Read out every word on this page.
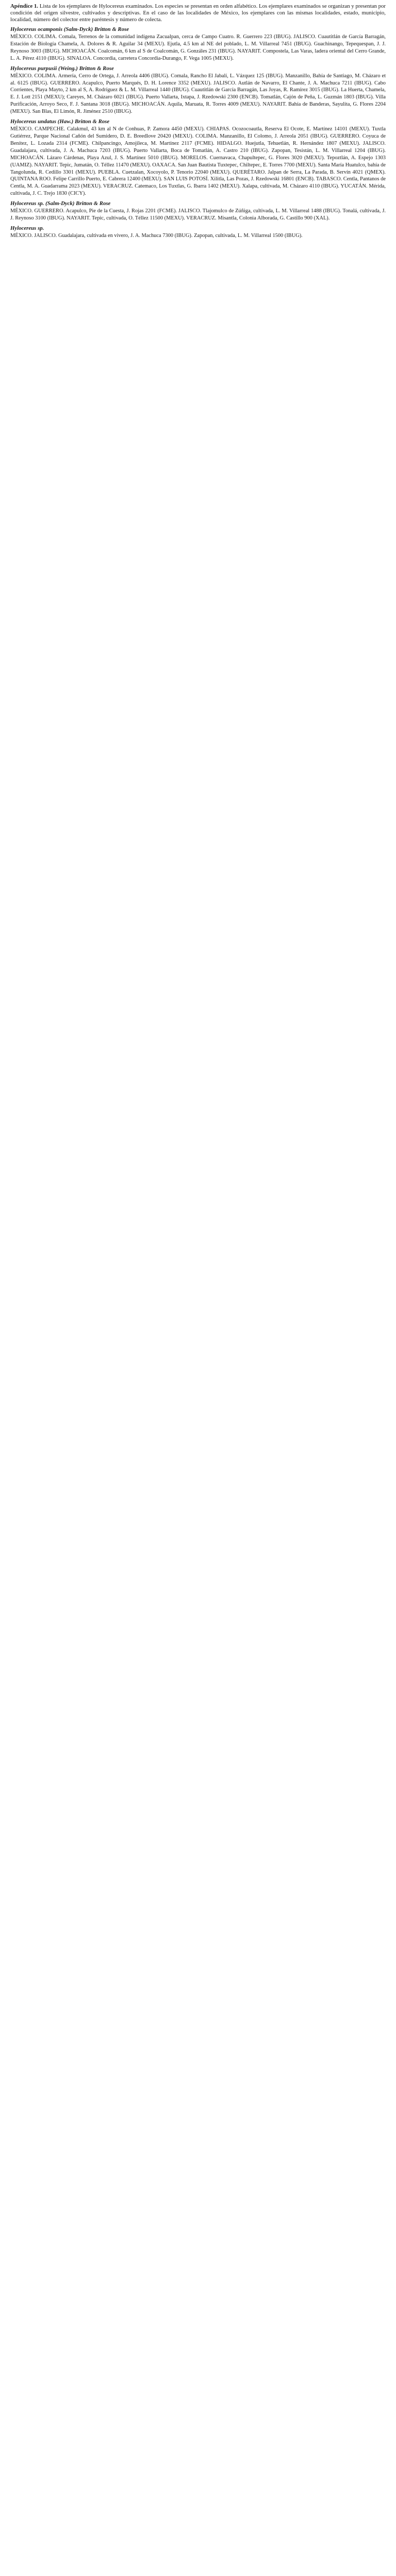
Apéndice 1. Lista de los ejemplares de Hylocereus examinados. Los especies se presentan en orden alfabético. Los ejemplares examinados se organizan y presentan por condición del origen silvestre, cultivados y descriptivas. En el caso de las localidades de México, los ejemplares con las mismas localidades, estado, municipio, localidad, número del colector entre paréntesis y número de colecta.

Hylocereus ocamponis (Salm-Dyck) Britton & Rose

MÉXICO. COLIMA. Comala, Terrenos de la comunidad indígena Zacualpan, cerca de Campo Cuatro. R. Guerrero 223 (IBUG). JALISCO. Cuautitlán de García Barragán, Estación de Biología Chamela, A. Dolores & R. Aguilar 34 (MEXU). Ejutla, 4.5 km al NE del poblado, L. M. Villarreal 7451 (IBUG). Guachinango, Tepequespan, J. J. Reynoso 3003 (IBUG). MICHOACÁN. Coalcomán, 6 km al S de Coalcomán, G. Gonzáles 231 (IBUG). NAYARIT. Compostela, Las Varas, ladera oriental del Cerro Grande, L. A. Pérez 4110 (IBUG). SINALOA. Concordia, carretera Concordia-Durango, F. Vega 1005 (MEXU).

Hylocereus purpusii (Weing.) Britton & Rose

MÉXICO. COLIMA. Armería, Cerro de Ortega, J. Arreola 4406 (IBUG). Comala, Rancho El Jabalí, L. Vázquez 125 (IBUG). Manzanillo, Bahía de Santiago, M. Cházaro et al. 6125 (IBUG). GUERRERO. Acapulco, Puerto Marqués, D. H. Lorence 3352 (MEXU). JALISCO. Autlán de Navarro, El Chante, J. A. Machuca 7211 (IBUG). Cabo Corrientes, Playa Mayto, 2 km al S, A. Rodríguez & L. M. Villarreal 1440 (IBUG). Cuautitlán de García Barragán, Las Joyas, R. Ramírez 3015 (IBUG). La Huerta, Chamela, E. J. Lott 2151 (MEXU); Careyes, M. Cházaro 6021 (IBUG). Puerto Vallarta, Ixtapa, J. Rzedowski 2300 (ENCB). Tomatlán, Cajón de Peña, L. Guzmán 1803 (IBUG). Villa Purificación, Arroyo Seco, F. J. Santana 3018 (IBUG). MICHOACÁN. Aquila, Maruata, R. Torres 4009 (MEXU). NAYARIT. Bahía de Banderas, Sayulita, G. Flores 2204 (MEXU). San Blas, El Limón, R. Jiménez 2510 (IBUG).

Hylocereus undatus (Haw.) Britton & Rose

MÉXICO. CAMPECHE. Calakmul, 43 km al N de Conhuas, P. Zamora 4450 (MEXU). CHIAPAS. Ocozocoautla, Reserva El Ocote, E. Martínez 14101 (MEXU). Tuxtla Gutiérrez, Parque Nacional Cañón del Sumidero, D. E. Breedlove 20420 (MEXU). COLIMA. Manzanillo, El Colomo, J. Arreola 2051 (IBUG). GUERRERO. Coyuca de Benítez, L. Lozada 2314 (FCME). Chilpancingo, Amojileca, M. Martínez 2117 (FCME). HIDALGO. Huejutla, Tehuetlán, R. Hernández 1807 (MEXU). JALISCO. Guadalajara, cultivada, J. A. Machuca 7203 (IBUG). Puerto Vallarta, Boca de Tomatlán, A. Castro 210 (IBUG). Zapopan, Tesistán, L. M. Villarreal 1204 (IBUG). MICHOACÁN. Lázaro Cárdenas, Playa Azul, J. S. Martínez 5010 (IBUG). MORELOS. Cuernavaca, Chapultepec, G. Flores 3020 (MEXU). Tepoztlán, A. Espejo 1303 (UAMIZ). NAYARIT. Tepic, Jumatán, O. Téllez 11470 (MEXU). OAXACA. San Juan Bautista Tuxtepec, Chiltepec, E. Torres 7700 (MEXU). Santa María Huatulco, bahía de Tangolunda, R. Cedillo 3301 (MEXU). PUEBLA. Cuetzalan, Xocoyolo, P. Tenorio 22040 (MEXU). QUERÉTARO. Jalpan de Serra, La Parada, B. Servín 4021 (QMEX). QUINTANA ROO. Felipe Carrillo Puerto, E. Cabrera 12400 (MEXU). SAN LUIS POTOSÍ. Xilitla, Las Pozas, J. Rzedowski 16801 (ENCB). TABASCO. Centla, Pantanos de Centla, M. A. Guadarrama 2023 (MEXU). VERACRUZ. Catemaco, Los Tuxtlas, G. Ibarra 1402 (MEXU). Xalapa, cultivada, M. Cházaro 4110 (IBUG). YUCATÁN. Mérida, cultivada, J. C. Trejo 1830 (CICY).

Hylocereus sp. (Salm-Dyck) Britton & Rose

MÉXICO. GUERRERO. Acapulco, Pie de la Cuesta, J. Rojas 2201 (FCME). JALISCO. Tlajomulco de Zúñiga, cultivada, L. M. Villarreal 1488 (IBUG). Tonalá, cultivada, J. J. Reynoso 3100 (IBUG). NAYARIT. Tepic, cultivada, O. Téllez 11500 (MEXU). VERACRUZ. Misantla, Colonia Alborada, G. Castillo 900 (XAL).

Hylocereus sp.

MÉXICO. JALISCO. Guadalajara, cultivada en vivero, J. A. Machuca 7300 (IBUG). Zapopan, cultivada, L. M. Villarreal 1500 (IBUG).
